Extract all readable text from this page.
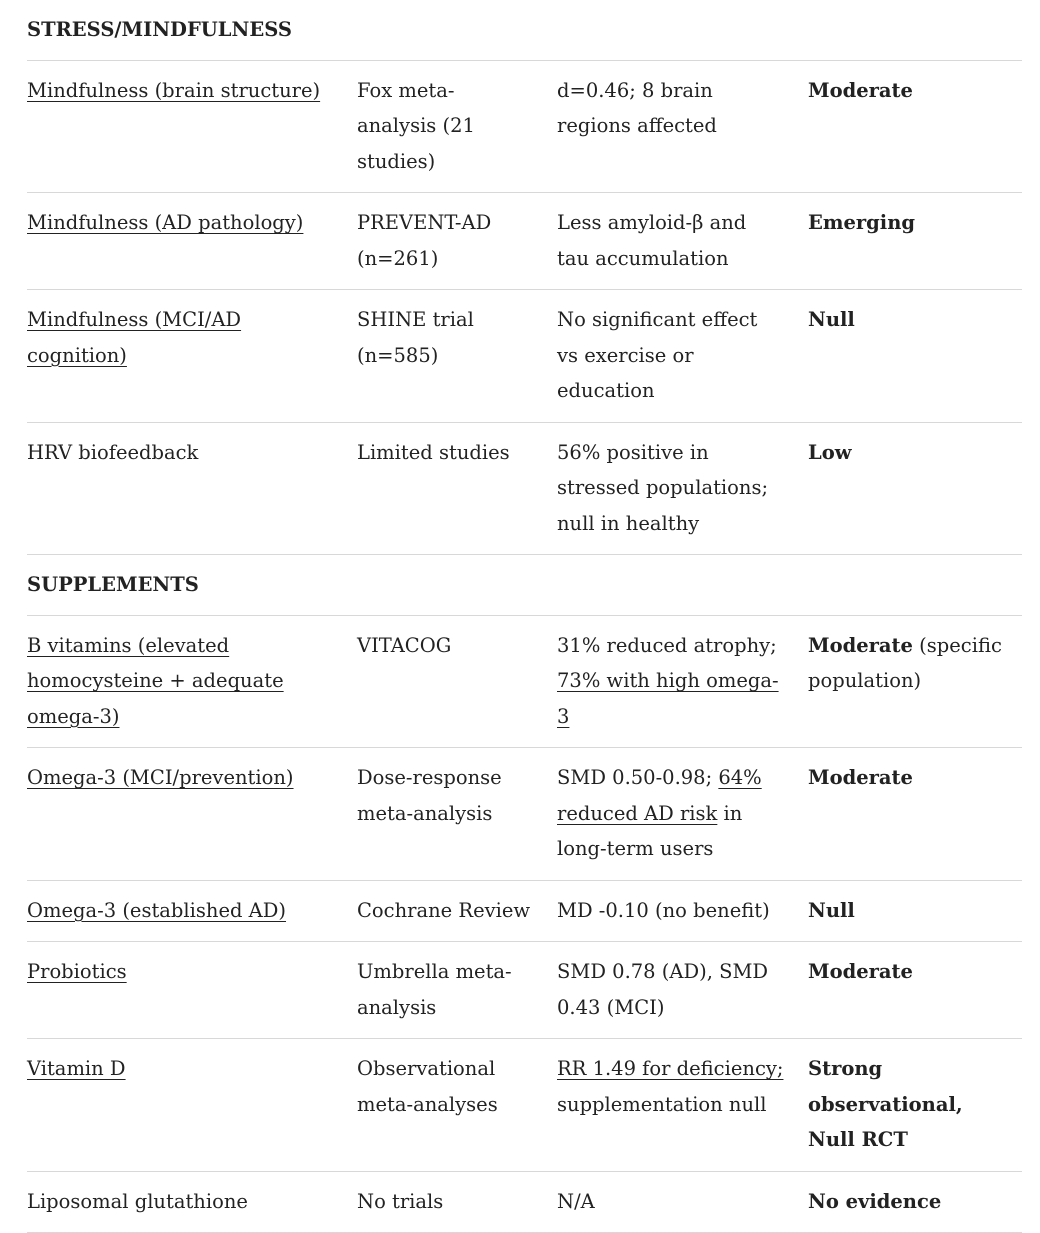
STRESS/MINDFULNESS			
Mindfulness (brain structure)	Fox meta-analysis (21 studies)	d=0.46; 8 brain regions affected	Moderate
Mindfulness (AD pathology)	PREVENT-AD (n=261)	Less amyloid-β and tau accumulation	Emerging
Mindfulness (MCI/AD cognition)	SHINE trial (n=585)	No significant effect vs exercise or education	Null
HRV biofeedback	Limited studies	56% positive in stressed populations; null in healthy	Low
SUPPLEMENTS			
B vitamins (elevated homocysteine + adequate omega-3)	VITACOG	31% reduced atrophy; 73% with high omega-3	Moderate (specific population)
Omega-3 (MCI/prevention)	Dose-response meta-analysis	SMD 0.50-0.98; 64% reduced AD risk in long-term users	Moderate
Omega-3 (established AD)	Cochrane Review	MD -0.10 (no benefit)	Null
Probiotics	Umbrella meta-analysis	SMD 0.78 (AD), SMD 0.43 (MCI)	Moderate
Vitamin D	Observational meta-analyses	RR 1.49 for deficiency; supplementation null	Strong observational, Null RCT
Liposomal glutathione	No trials	N/A	No evidence
